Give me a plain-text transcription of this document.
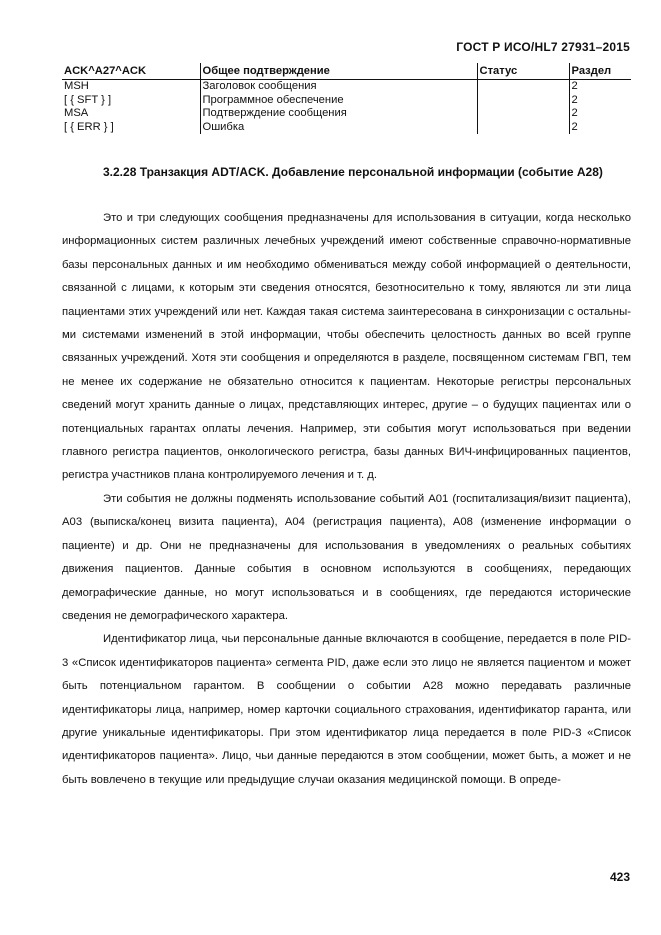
ГОСТ Р ИСО/HL7 27931–2015
ACK^A27^ACK	Общее подтверждение	Статус	Раздел
MSH	Заголовок сообщения		2
[ { SFT } ]	Программное обеспечение		2
MSA	Подтверждение сообщения		2
[ { ERR } ]	Ошибка		2
3.2.28 Транзакция ADT/ACK. Добавление персональной информации (событие A28)

Это и три следующих сообщения предназначены для использования в ситуации, когда несколько информационных систем различных лечебных учреждений имеют собственные справочно-нормативные базы персональных данных и им необходимо обмениваться между собой информацией о деятельности, связанной с лицами, к которым эти сведения относятся, безотносительно к тому, являются ли эти лица пациентами этих учреждений или нет. Каждая такая система заинтересована в синхронизации с остальными системами изменений в этой информации, чтобы обеспечить целостность данных во всей группе связанных учреждений. Хотя эти сообщения и определяются в разделе, посвященном системам ГВП, тем не менее их содержание не обязательно относится к пациентам. Некоторые регистры персональных сведений могут хранить данные о лицах, представляющих интерес, другие – о будущих пациентах или о потенциальных гарантах оплаты лечения. Например, эти события могут использоваться при ведении главного регистра пациентов, онкологического регистра, базы данных ВИЧ-инфицированных пациентов, регистра участников плана контролируемого лечения и т. д.

Эти события не должны подменять использование событий A01 (госпитализация/визит пациента), A03 (выписка/конец визита пациента), A04 (регистрация пациента), A08 (изменение информации о пациенте) и др. Они не предназначены для использования в уведомлениях о реальных событиях движения пациентов. Данные события в основном используются в сообщениях, передающих демографические данные, но могут использоваться и в сообщениях, где передаются исторические сведения не демографического характера.

Идентификатор лица, чьи персональные данные включаются в сообщение, передается в поле PID-3 «Список идентификаторов пациента» сегмента PID, даже если это лицо не является пациентом и может быть потенциальном гарантом. В сообщении о событии A28 можно передавать различные идентификаторы лица, например, номер карточки социального страхования, идентификатор гаранта, или другие уникальные идентификаторы. При этом идентификатор лица передается в поле PID-3 «Список идентификаторов пациента». Лицо, чьи данные передаются в этом сообщении, может быть, а может и не быть вовлечено в текущие или предыдущие случаи оказания медицинской помощи. В опреде-

423
